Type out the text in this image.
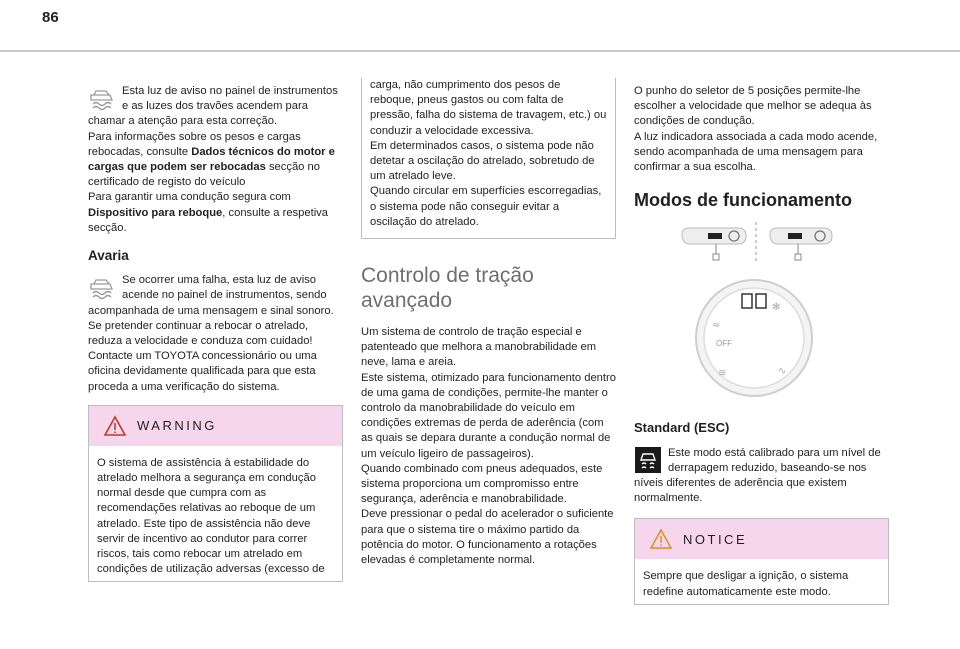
86

Esta luz de aviso no painel de instrumentos e as luzes dos travões acendem para chamar a atenção para esta correção.

Para informações sobre os pesos e cargas rebocadas, consulte Dados técnicos do motor e cargas que podem ser rebocadas secção no certificado de registo do veículo

Para garantir uma condução segura com Dispositivo para reboque, consulte a respetiva secção.

Avaria

Se ocorrer uma falha, esta luz de aviso acende no painel de instrumentos, sendo acompanhada de uma mensagem e sinal sonoro.

Se pretender continuar a rebocar o atrelado, reduza a velocidade e conduza com cuidado! Contacte um TOYOTA concessionário ou uma oficina devidamente qualificada para que esta proceda a uma verificação do sistema.

WARNING

O sistema de assistência à estabilidade do atrelado melhora a segurança em condução normal desde que cumpra com as recomendações relativas ao reboque de um atrelado. Este tipo de assistência não deve servir de incentivo ao condutor para correr riscos, tais como rebocar um atrelado em condições de utilização adversas (excesso de

carga, não cumprimento dos pesos de reboque, pneus gastos ou com falta de pressão, falha do sistema de travagem, etc.) ou conduzir a velocidade excessiva.

Em determinados casos, o sistema pode não detetar a oscilação do atrelado, sobretudo de um atrelado leve.

Quando circular em superfícies escorregadias, o sistema pode não conseguir evitar a oscilação do atrelado.

Controlo de tração avançado

Um sistema de controlo de tração especial e patenteado que melhora a manobrabilidade em neve, lama e areia.

Este sistema, otimizado para funcionamento dentro de uma gama de condições, permite-lhe manter o controlo da manobrabilidade do veículo em condições extremas de perda de aderência (com as quais se depara durante a condução normal de um veículo ligeiro de passageiros).

Quando combinado com pneus adequados, este sistema proporciona um compromisso entre segurança, aderência e manobrabilidade.

Deve pressionar o pedal do acelerador o suficiente para que o sistema tire o máximo partido da potência do motor. O funcionamento a rotações elevadas é completamente normal.

O punho do seletor de 5 posições permite-lhe escolher a velocidade que melhor se adequa às condições de condução.

A luz indicadora associada a cada modo acende, sendo acompanhada de uma mensagem para confirmar a sua escolha.

Modos de funcionamento

✻
≈
OFF
≋	∿

Standard (ESC)

Este modo está calibrado para um nível de derrapagem reduzido, baseando-se nos níveis diferentes de aderência que existem normalmente.

NOTICE

Sempre que desligar a ignição, o sistema redefine automaticamente este modo.
